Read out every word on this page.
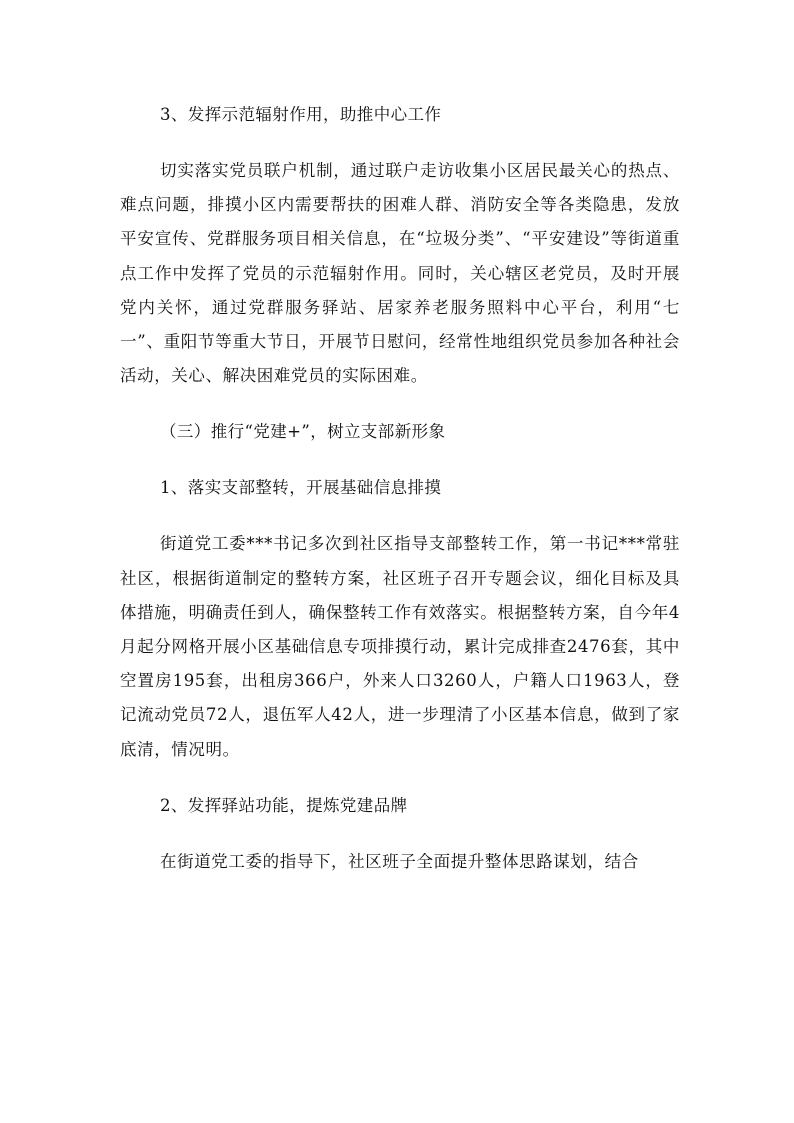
3、发挥示范辐射作用，助推中心工作

切实落实党员联户机制，通过联户走访收集小区居民最关心的热点、难点问题，排摸小区内需要帮扶的困难人群、消防安全等各类隐患，发放平安宣传、党群服务项目相关信息，在“垃圾分类”、“平安建设”等街道重点工作中发挥了党员的示范辐射作用。同时，关心辖区老党员，及时开展党内关怀，通过党群服务驿站、居家养老服务照料中心平台，利用“七一”、重阳节等重大节日，开展节日慰问，经常性地组织党员参加各种社会活动，关心、解决困难党员的实际困难。

（三）推行“党建+”，树立支部新形象

1、落实支部整转，开展基础信息排摸

街道党工委***书记多次到社区指导支部整转工作，第一书记***常驻社区，根据街道制定的整转方案，社区班子召开专题会议，细化目标及具体措施，明确责任到人，确保整转工作有效落实。根据整转方案，自今年4月起分网格开展小区基础信息专项排摸行动，累计完成排查2476套，其中空置房195套，出租房366户，外来人口3260人，户籍人口1963人，登记流动党员72人，退伍军人42人，进一步理清了小区基本信息，做到了家底清，情况明。

2、发挥驿站功能，提炼党建品牌

在街道党工委的指导下，社区班子全面提升整体思路谋划，结合
